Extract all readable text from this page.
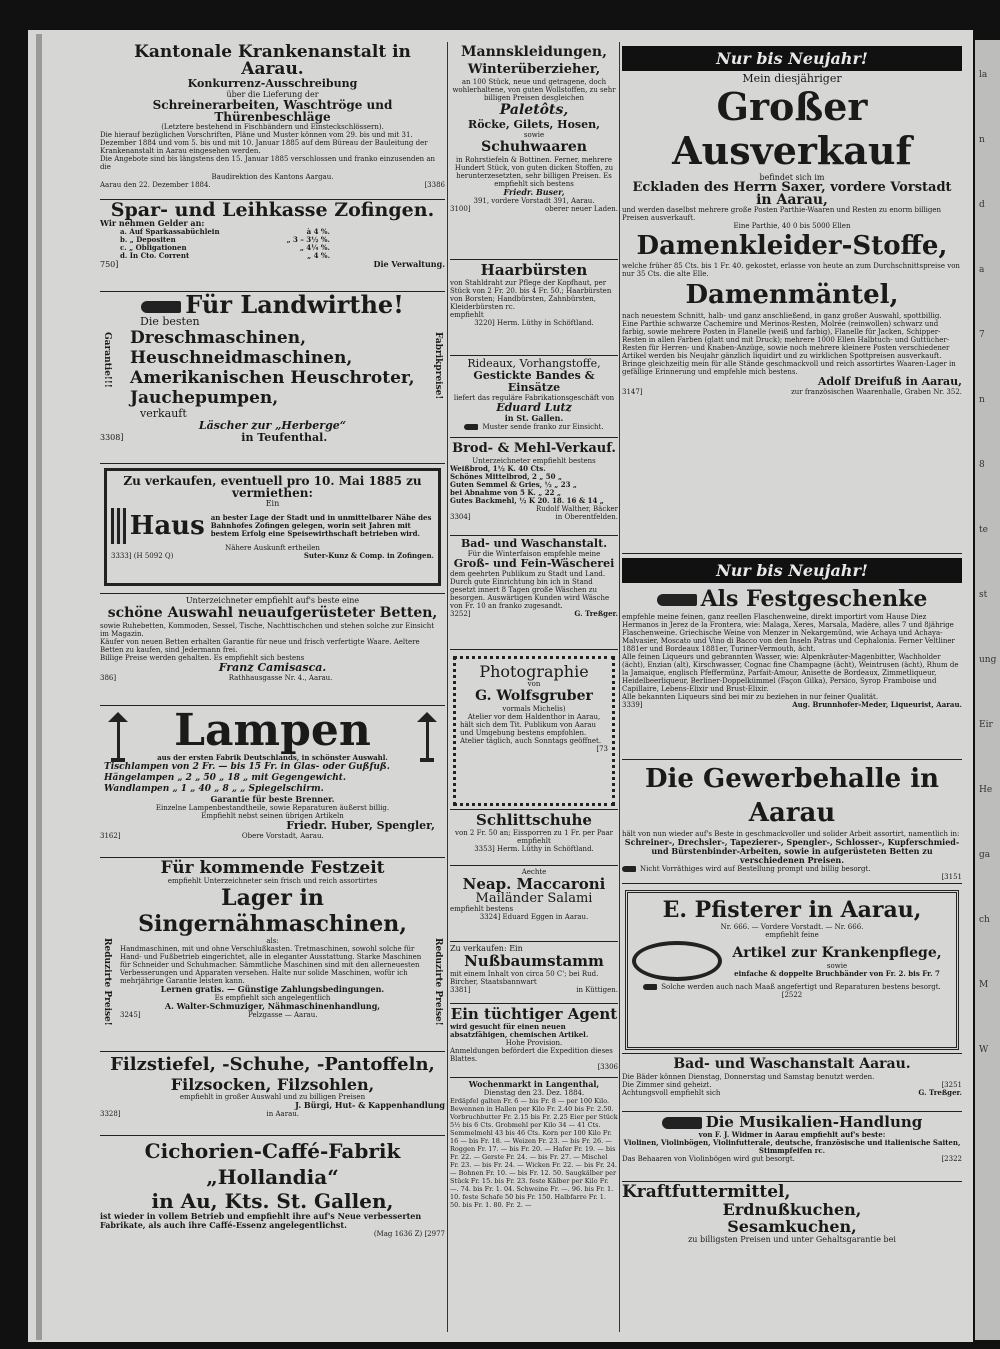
la
n
d
a
7
n
8
te
st
ung
Eir
He
ga
ch
M
W
Kantonale Krankenanstalt in Aarau.
Konkurrenz-Ausschreibung
über die Lieferung der
Schreinerarbeiten, Waschtröge und Thürenbeschläge
(Letztere bestehend in Fischbändern und Einsteckschlössern).
Die hierauf bezüglichen Vorschriften, Pläne und Muster können vom 29. bis und mit 31. Dezember 1884 und vom 5. bis und mit 10. Januar 1885 auf dem Büreau der Bauleitung der Krankenanstalt in Aarau eingesehen werden.
Die Angebote sind bis längstens den 15. Januar 1885 verschlossen und franko einzusenden an die
Baudirektion des Kantons Aargau.
Aarau den 22. Dezember 1884.	[3386
Spar- und Leihkasse Zofingen.
Wir nehmen Gelder an:
a. Auf Sparkassabüchlein	à 4 %.
b. „ Depositen	„ 3 – 3½ %.
c. „ Obligationen	„ 4¼ %.
d. In Cto. Corrent	„ 4 %.
750]	Die Verwaltung.
Für Landwirthe!
Garantie!!!	Fabrikpreise!
Die besten
Dreschmaschinen,
Heuschneidmaschinen,
Amerikanischen Heuschroter,
Jauchepumpen,
verkauft
Läscher zur „Herberge“
3308]	in Teufenthal.
Zu verkaufen, eventuell pro 10. Mai 1885 zu vermiethen:
Ein
Haus an bester Lage der Stadt und in unmittelbarer Nähe des Bahnhofes Zofingen gelegen, worin seit Jahren mit bestem Erfolg eine Speisewirthschaft betrieben wird.
Nähere Auskunft ertheilen
3333] (H 5092 Q)	Suter-Kunz & Comp. in Zofingen.
Unterzeichneter empfiehlt auf's beste eine
schöne Auswahl neuaufgerüsteter Betten,
sowie Ruhebetten, Kommoden, Sessel, Tische, Nachttischchen und stehen solche zur Einsicht im Magazin.
Käufer von neuen Betten erhalten Garantie für neue und frisch verfertigte Waare. Aeltere Betten zu kaufen, sind Jedermann frei.
Billige Preise werden gehalten. Es empfiehlt sich bestens
Franz Camisasca.
386]	Rathhausgasse Nr. 4., Aarau.
Lampen
aus der ersten Fabrik Deutschlands, in schönster Auswahl.
Tischlampen von 2 Fr. — bis 15 Fr. in Glas- oder Gußfuß.
Hängelampen „ 2 „ 50 „ 18 „ mit Gegengewicht.
Wandlampen „ 1 „ 40 „ 8 „ „ Spiegelschirm.
Garantie für beste Brenner.
Einzelne Lampenbestandtheile, sowie Reparaturen äußerst billig.
Empfiehlt nebst seinen übrigen Artikeln
Friedr. Huber, Spengler,
3162]	Obere Vorstadt, Aarau.
Reduzirte Preise!	Reduzirte Preise!
Für kommende Festzeit
empfiehlt Unterzeichneter sein frisch und reich assortirtes
Lager in Singernähmaschinen,
als:
Handmaschinen, mit und ohne Verschlußkasten. Tretmaschinen, sowohl solche für Hand- und Fußbetrieb eingerichtet, alle in eleganter Ausstattung. Starke Maschinen für Schneider und Schuhmacher. Sämmtliche Maschinen sind mit den allerneuesten Verbesserungen und Apparaten versehen. Halte nur solide Maschinen, wofür ich mehrjährige Garantie leisten kann.
Lernen gratis. — Günstige Zahlungsbedingungen.
Es empfiehlt sich angelegentlich
A. Walter-Schmuziger, Nähmaschinenhandlung,
3245]	Pelzgasse — Aarau.
Filzstiefel, -Schuhe, -Pantoffeln,
Filzsocken, Filzsohlen,
empfiehlt in großer Auswahl und zu billigen Preisen
J. Bürgi, Hut- & Kappenhandlung
3328]	in Aarau.
Cichorien-Caffé-Fabrik „Hollandia“
in Au, Kts. St. Gallen,
ist wieder in vollem Betrieb und empfiehlt ihre auf's Neue verbesserten Fabrikate, als auch ihre Caffé-Essenz angelegentlichst.
(Mag 1636 Z) [2977
Mannskleidungen,
Winterüberzieher,
an 100 Stück, neue und getragene, doch wohlerhaltene, von guten Wollstoffen, zu sehr billigen Preisen desgleichen
Paletôts,
Röcke, Gilets, Hosen,
sowie
Schuhwaaren
in Rohrstiefeln & Bottinen. Ferner, mehrere Hundert Stück, von guten dicken Stoffen, zu herunterzesetzten, sehr billigen Preisen. Es empfiehlt sich bestens
Friedr. Buser,
391, vordere Vorstadt 391, Aarau.
3100]	oberer neuer Laden.
Haarbürsten
von Stahldraht zur Pflege der Kopfhaut, per Stück von 2 Fr. 20. bis 4 Fr. 50.; Haarbürsten von Borsten; Handbürsten, Zahnbürsten, Kleiderbürsten rc.
empfiehlt
3220] Herm. Lüthy in Schöftland.
Rideaux, Vorhangstoffe,
Gestickte Bandes & Einsätze
liefert das reguläre Fabrikationsgeschäft von
Eduard Lutz
in St. Gallen.
Muster sende franko zur Einsicht.
Brod- & Mehl-Verkauf.
Unterzeichneter empfiehlt bestens
Weißbrod, 1½ K. 40 Cts.
Schönes Mittelbrod, 2 „ 50 „
Guten Semmel & Gries, ½ „ 23 „
bei Abnahme von 5 K. „ 22 „
Gutes Backmehl, ½ K 20. 18. 16 & 14 „
Rudolf Walther, Bäcker
3304]	in Oberentfelden.
Bad- und Waschanstalt.
Für die Winterfaison empfehle meine
Groß- und Fein-Wäscherei
dem geehrten Publikum zu Stadt und Land. Durch gute Einrichtung bin ich in Stand gesetzt innert 8 Tagen große Wäschen zu besorgen. Auswärtigen Kunden wird Wäsche von Fr. 10 an franko zugesandt.
3252]	G. Treßger.
Photographie
von
G. Wolfsgruber
vormals Michelis)
Atelier vor dem Haldenthor in Aarau,
hält sich dem Tit. Publikum von Aarau und Umgebung bestens empfohlen.
Atelier täglich, auch Sonntags geöffnet.
[73
Schlittschuhe
von 2 Fr. 50 an; Eissporren zu 1 Fr. per Paar empfiehlt
3353] Herm. Lüthy in Schöftland.
Aechte
Neap. Maccaroni
Mailänder Salami
empfiehlt bestens
3324] Eduard Eggen in Aarau.
Zu verkaufen: Ein
Nußbaumstamm
mit einem Inhalt von circa 50 C'; bei Rud. Bircher, Staatsbannwart
3381]	in Küttigen.
Ein tüchtiger Agent
wird gesucht für einen neuen absatzfähigen, chemischen Artikel.
Hohe Provision.
Anmeldungen befördert die Expedition dieses Blattes.
[3306
Wochenmarkt in Langenthal,
Dienstag den 23. Dez. 1884.
Erdäpfel galten Fr. 6 — bis Fr. 8 — per 100 Kilo. Bewennen in Hallen per Kilo Fr. 2.40 bis Fr. 2.50. Vorbruchbutter Fr. 2.15 bis Fr. 2.25 Eier per Stück 5½ bis 6 Cts. Grobmehl per Kilo 34 — 41 Cts. Semmelmehl 43 bis 46 Cts. Korn per 100 Kilo Fr. 16 — bis Fr. 18. — Weizen Fr. 23. — bis Fr. 26. — Roggen Fr. 17. — bis Fr. 20. — Hafer Fr. 19. — bis Fr. 22. — Gerste Fr. 24. — bis Fr. 27. — Mischel Fr. 23. — bis Fr. 24. — Wicken Fr. 22. — bis Fr. 24. — Bohnen Fr. 10. — bis Fr. 12. 50. Saugkälber per Stück Fr. 15. bis Fr. 23. feste Kälber per Kilo Fr. —. 74. bis Fr. 1. 04. Schweine Fr. —. 96. bis Fr. 1. 10. feste Schafe 50 bis Fr. 150. Halbfarre Fr. 1. 50. bis Fr. 1. 80. Fr. 2. —
Nur bis Neujahr!
Mein diesjähriger
Großer Ausverkauf
befindet sich im
Eckladen des Herrn Saxer, vordere Vorstadt
in Aarau,
und werden daselbst mehrere große Posten Parthie-Waaren und Resten zu enorm billigen Preisen ausverkauft.
Eine Parthie, 40 0 bis 5000 Ellen
Damenkleider-Stoffe,
welche früher 85 Cts. bis 1 Fr. 40. gekostet, erlasse von heute an zum Durchschnittspreise von nur 35 Cts. die alte Elle.
Damenmäntel,
nach neuestem Schnitt, halb- und ganz anschließend, in ganz großer Auswahl, spottbillig.
Eine Parthie schwarze Cachemire und Merinos-Resten, Molrée (reinwollen) schwarz und farbig, sowie mehrere Posten in Flanelle (weiß und farbig), Flanelle für Jacken, Schipper-Resten in allen Farben (glatt und mit Druck); mehrere 1000 Ellen Halbtuch- und Guttücher-Resten für Herren- und Knaben-Anzüge, sowie noch mehrere kleinere Posten verschiedener Artikel werden bis Neujahr gänzlich liquidirt und zu wirklichen Spottpreisen ausverkauft.
Bringe gleichzeitig mein für alle Stände geschmackvoll und reich assortirtes Waaren-Lager in gefällige Erinnerung und empfehle mich bestens.
Adolf Dreifuß in Aarau,
3147]	zur französischen Waarenhalle, Graben Nr. 352.
Nur bis Neujahr!
Als Festgeschenke
empfehle meine feinen, ganz reellen Flaschenweine, direkt importirt vom Hause Diez Hermanos in Jerez de la Frontera, wie: Malaga, Xeres, Marsala, Madère, alles 7 und 8jährige Flaschenweine. Griechische Weine von Menzer in Nekargemünd, wie Achaya und Achaya-Malvasier, Moscato und Vino di Bacco von den Inseln Patras und Cephalonia. Ferner Veltliner 1881er und Bordeaux 1881er, Turiner-Vermouth, ächt.
Alle feinen Liqueurs und gebrannten Wasser, wie: Alpenkräuter-Magenbitter, Wachholder (ächt), Enzian (alt), Kirschwasser, Cognac fine Champagne (ächt), Weintrusen (ächt), Rhum de la Jamaique, englisch Pfeffermünz, Parfait-Amour, Anisette de Bordeaux, Zimmetliqueur, Heidelbeerliqueur, Berliner-Doppelkümmel (Façon Gilka), Persico, Syrop Framboise und Capillaire, Lebens-Elixir und Brust-Elixir.
Alle bekannten Liqueurs sind bei mir zu beziehen in nur feiner Qualität.
3339]	Aug. Brunnhofer-Meder, Liqueurist, Aarau.
Die Gewerbehalle in Aarau
hält von nun wieder auf's Beste in geschmackvoller und solider Arbeit assortirt, namentlich in:
Schreiner-, Drechsler-, Tapezierer-, Spengler-, Schlosser-, Kupferschmied- und Bürstenbinder-Arbeiten, sowie in aufgerüsteten Betten zu verschiedenen Preisen.
Nicht Vorräthiges wird auf Bestellung prompt und billig besorgt.
[3151
E. Pfisterer in Aarau,
Nr. 666. — Vordere Vorstadt. — Nr. 666.
empfiehlt feine
Artikel zur Krankenpflege,
sowie
einfache & doppelte Bruchbänder von Fr. 2. bis Fr. 7
Solche werden auch nach Maaß angefertigt und Reparaturen bestens besorgt. [2522
Bad- und Waschanstalt Aarau.
Die Bäder können Dienstag, Donnerstag und Samstag benutzt werden.
Die Zimmer sind geheizt.	[3251
Achtungsvoll empfiehlt sich	G. Treßger.
Die Musikalien-Handlung
von F. J. Widmer in Aarau empfiehlt auf's beste:
Violinen, Violinbögen, Violinfutterale, deutsche, französische und italienische Saiten, Stimmpfeifen rc.
Das Behaaren von Violinbögen wird gut besorgt.	[2322
Kraftfuttermittel,
Erdnußkuchen,
Sesamkuchen,
zu billigsten Preisen und unter Gehaltsgarantie bei
